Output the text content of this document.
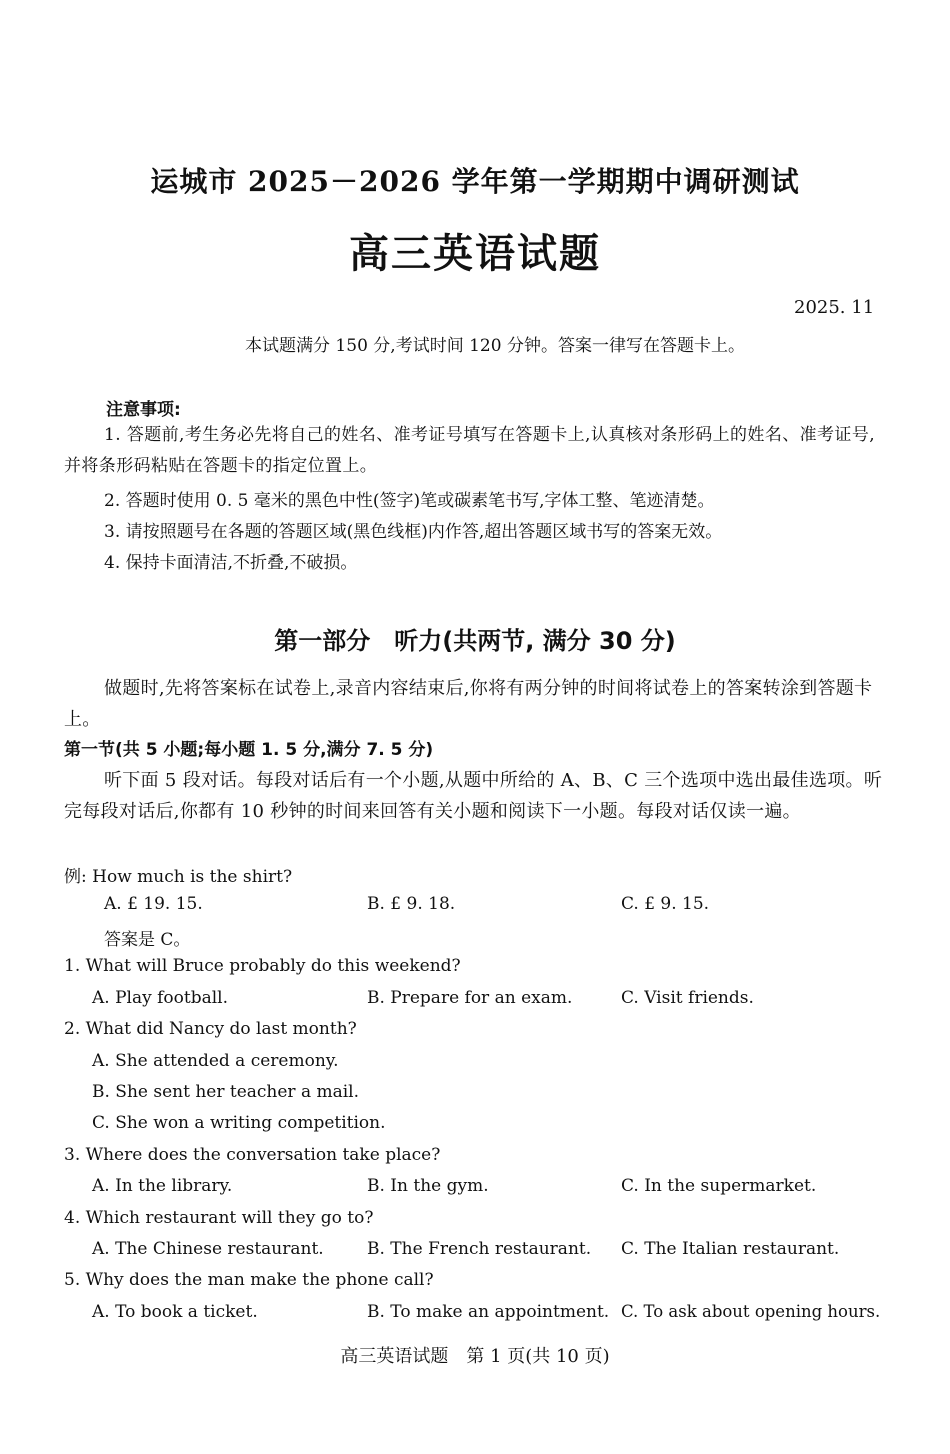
运城市 2025－2026 学年第一学期期中调研测试
高三英语试题
2025. 11
本试题满分 150 分,考试时间 120 分钟。答案一律写在答题卡上。
注意事项:
1. 答题前,考生务必先将自己的姓名、准考证号填写在答题卡上,认真核对条形码上的姓名、准考证号,并将条形码粘贴在答题卡的指定位置上。
2. 答题时使用 0. 5 毫米的黑色中性(签字)笔或碳素笔书写,字体工整、笔迹清楚。
3. 请按照题号在各题的答题区域(黑色线框)内作答,超出答题区域书写的答案无效。
4. 保持卡面清洁,不折叠,不破损。
第一部分　听力(共两节, 满分 30 分)
做题时,先将答案标在试卷上,录音内容结束后,你将有两分钟的时间将试卷上的答案转涂到答题卡上。
第一节(共 5 小题;每小题 1. 5 分,满分 7. 5 分)
听下面 5 段对话。每段对话后有一个小题,从题中所给的 A、B、C 三个选项中选出最佳选项。听完每段对话后,你都有 10 秒钟的时间来回答有关小题和阅读下一小题。每段对话仅读一遍。
例: How much is the shirt?
A. £ 19. 15.	B. £ 9. 18.	C. £ 9. 15.
答案是 C。
1. What will Bruce probably do this weekend?
A. Play football.	B. Prepare for an exam.	C. Visit friends.
2. What did Nancy do last month?
A. She attended a ceremony.
B. She sent her teacher a mail.
C. She won a writing competition.
3. Where does the conversation take place?
A. In the library.	B. In the gym.	C. In the supermarket.
4. Which restaurant will they go to?
A. The Chinese restaurant.	B. The French restaurant. C. The Italian restaurant.
5. Why does the man make the phone call?
A. To book a ticket.	B. To make an appointment. C. To ask about opening hours.
高三英语试题　第 1 页(共 10 页)
